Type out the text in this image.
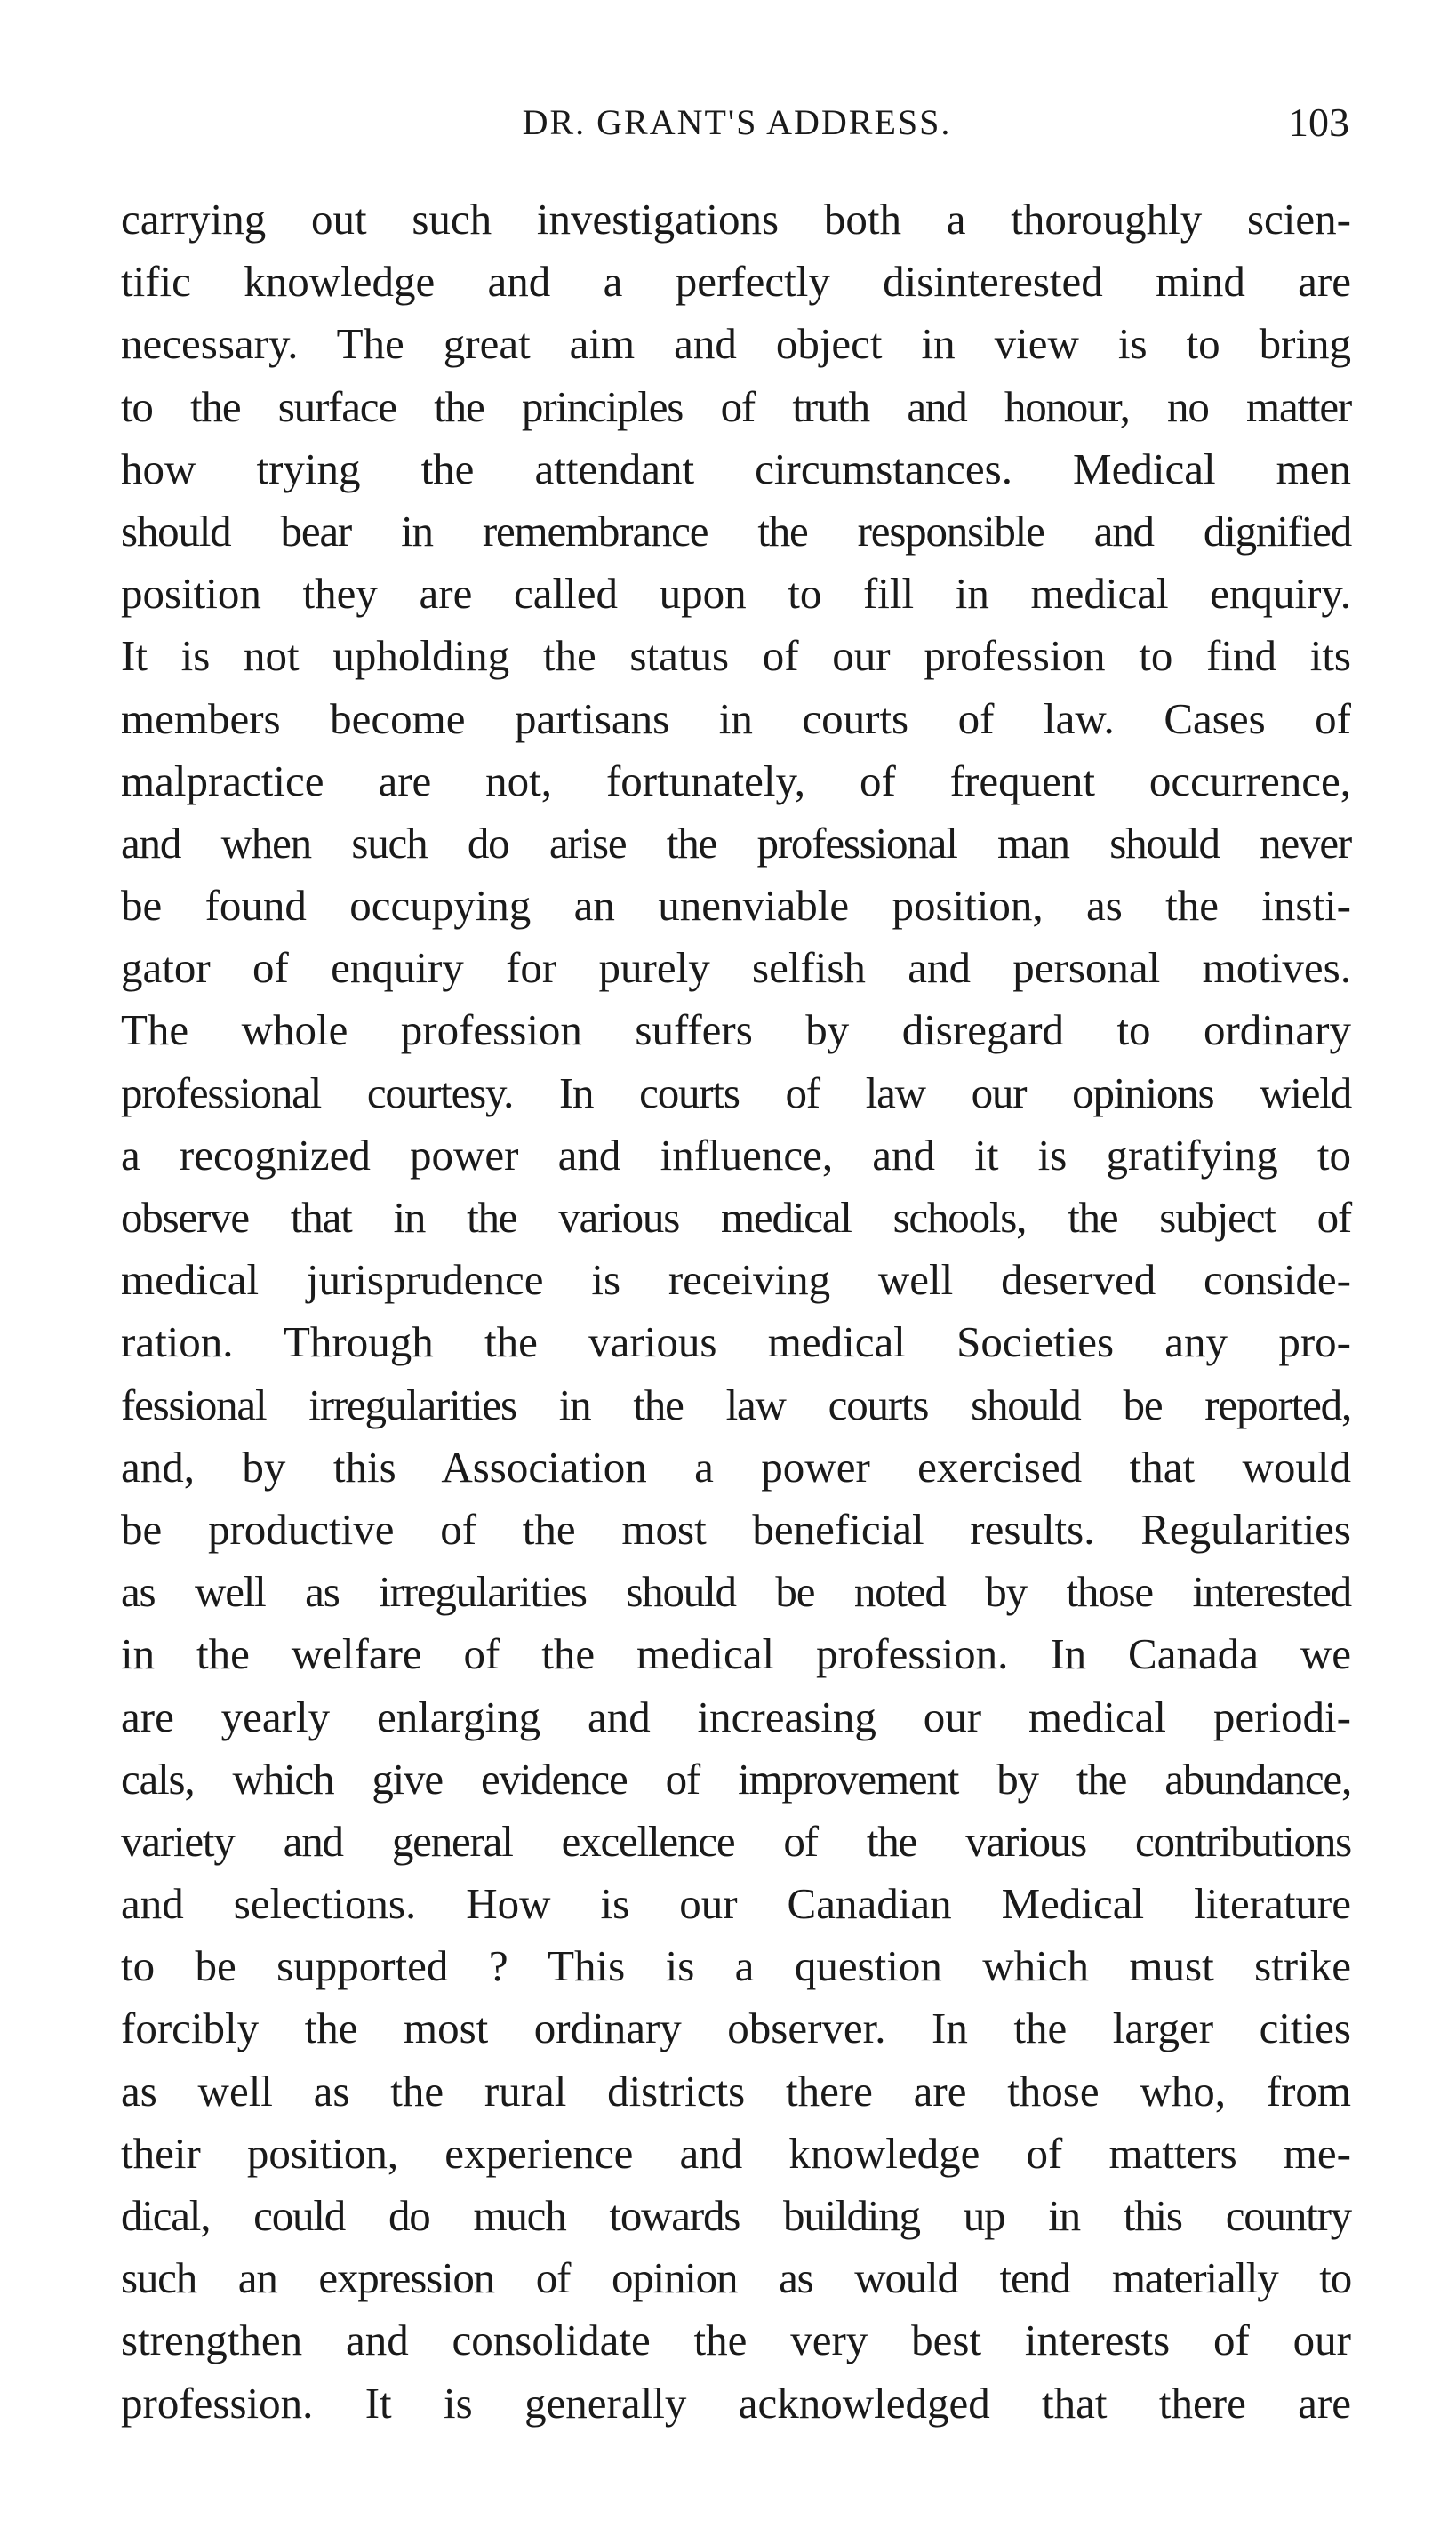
DR. GRANT'S ADDRESS.	103
carrying out such investigations both a thoroughly scien-
tific knowledge and a perfectly disinterested mind are
necessary. The great aim and object in view is to bring
to the surface the principles of truth and honour, no matter
how trying the attendant circumstances. Medical men
should bear in remembrance the responsible and dignified
position they are called upon to fill in medical enquiry.
It is not upholding the status of our profession to find its
members become partisans in courts of law. Cases of
malpractice are not, fortunately, of frequent occurrence,
and when such do arise the professional man should never
be found occupying an unenviable position, as the insti-
gator of enquiry for purely selfish and personal motives.
The whole profession suffers by disregard to ordinary
professional courtesy. In courts of law our opinions wield
a recognized power and influence, and it is gratifying to
observe that in the various medical schools, the subject of
medical jurisprudence is receiving well deserved conside-
ration. Through the various medical Societies any pro-
fessional irregularities in the law courts should be reported,
and, by this Association a power exercised that would
be productive of the most beneficial results. Regularities
as well as irregularities should be noted by those interested
in the welfare of the medical profession. In Canada we
are yearly enlarging and increasing our medical periodi-
cals, which give evidence of improvement by the abundance,
variety and general excellence of the various contributions
and selections. How is our Canadian Medical literature
to be supported ? This is a question which must strike
forcibly the most ordinary observer. In the larger cities
as well as the rural districts there are those who, from
their position, experience and knowledge of matters me-
dical, could do much towards building up in this country
such an expression of opinion as would tend materially to
strengthen and consolidate the very best interests of our
profession. It is generally acknowledged that there are
